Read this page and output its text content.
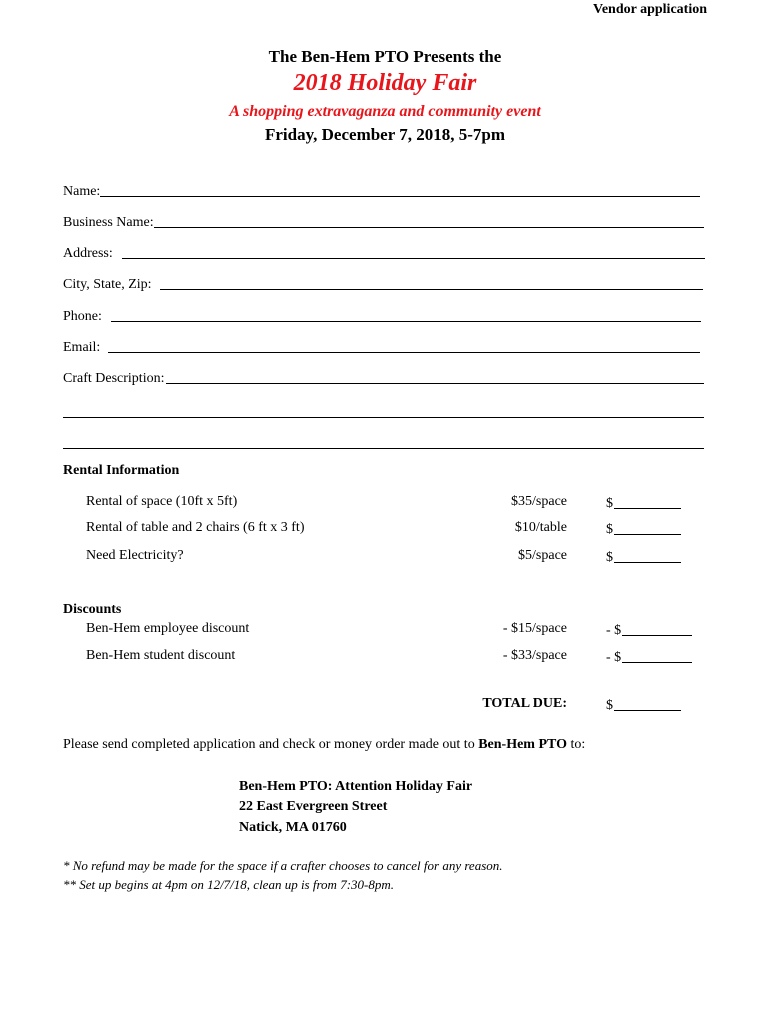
Vendor application
The Ben-Hem PTO Presents the
2018 Holiday Fair
A shopping extravaganza and community event
Friday, December 7, 2018, 5-7pm
Name:
Business Name:
Address:
City, State, Zip:
Phone:
Email:
Craft Description:
Rental Information
Rental of space (10ft x 5ft)	$35/space	$
Rental of table and 2 chairs (6 ft x 3 ft)	$10/table	$
Need Electricity?	$5/space	$
Discounts
Ben-Hem employee discount	- $15/space	- $
Ben-Hem student discount	- $33/space	- $
TOTAL DUE:	$
Please send completed application and check or money order made out to Ben-Hem PTO to:
Ben-Hem PTO: Attention Holiday Fair
22 East Evergreen Street
Natick, MA 01760
* No refund may be made for the space if a crafter chooses to cancel for any reason.
** Set up begins at 4pm on 12/7/18, clean up is from 7:30-8pm.
